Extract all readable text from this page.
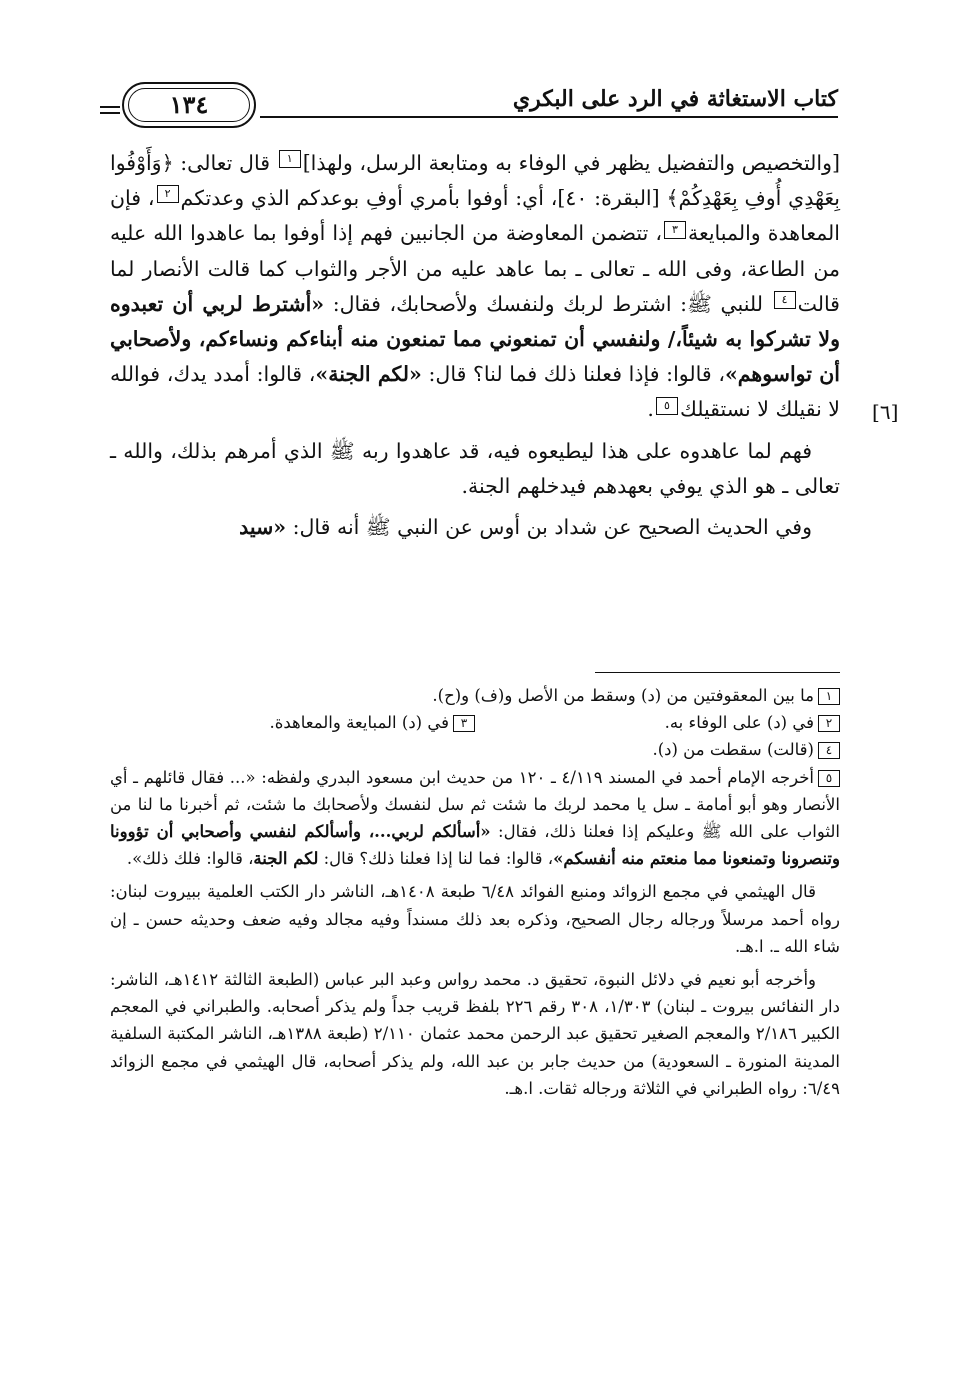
كتاب الاستغاثة في الرد على البكري
١٣٤
[٦]

[والتخصيص والتفضيل يظهر في الوفاء به ومتابعة الرسل، ولهذا]١ قال تعالى: ﴿وَأَوْفُوا بِعَهْدِي أُوفِ بِعَهْدِكُمْ﴾ [البقرة: ٤٠]، أي: أوفوا بأمري أوفِ بوعدكم الذي وعدتكم٢، فإن المعاهدة والمبايعة٣، تتضمن المعاوضة من الجانبين فهم إذا أوفوا بما عاهدوا الله عليه من الطاعة، وفى الله ـ تعالى ـ بما عاهد عليه من الأجر والثواب كما قالت الأنصار لما قالت٤ للنبي ﷺ: اشترط لربك ولنفسك ولأصحابك، فقال: «أشترط لربي أن تعبدوه ولا تشركوا به شيئاً،/ ولنفسي أن تمنعوني مما تمنعون منه أبناءكم ونساءكم، ولأصحابي أن تواسوهم»، قالوا: فإذا فعلنا ذلك فما لنا؟ قال: «لكم الجنة»، قالوا: أمدد يدك، فوالله لا نقيلك لا نستقيلك٥.

فهم لما عاهدوه على هذا ليطيعوه فيه، قد عاهدوا ربه ﷺ الذي أمرهم بذلك، والله ـ تعالى ـ هو الذي يوفي بعهدهم فيدخلهم الجنة.

وفي الحديث الصحيح عن شداد بن أوس عن النبي ﷺ أنه قال: «سيد

١ما بين المعقوفتين من (د) وسقط من الأصل و(ف) و(ح).

٢في (د) على الوفاء به.

٣في (د) المبايعة والمعاهدة.

٤(قالت) سقطت من (د).

٥أخرجه الإمام أحمد في المسند ٤/١١٩ ـ ١٢٠ من حديث ابن مسعود البدري ولفظه: «... فقال قائلهم ـ أي الأنصار وهو أبو أمامة ـ سل يا محمد لربك ما شئت ثم سل لنفسك ولأصحابك ما شئت، ثم أخبرنا ما لنا من الثواب على الله ﷺ وعليكم إذا فعلنا ذلك، فقال: «أسألكم لربي...، وأسألكم لنفسي وأصحابي أن تؤوونا وتنصرونا وتمنعونا مما منعتم منه أنفسكم»، قالوا: فما لنا إذا فعلنا ذلك؟ قال: لكم الجنة، قالوا: فلك ذلك».

قال الهيثمي في مجمع الزوائد ومنبع الفوائد ٦/٤٨ طبعة ١٤٠٨هـ، الناشر دار الكتب العلمية ببيروت لبنان: رواه أحمد مرسلاً ورجاله رجال الصحيح، وذكره بعد ذلك مسنداً وفيه مجالد وفيه ضعف وحديثه حسن ـ إن شاء الله ـ. ا.هـ.

وأخرجه أبو نعيم في دلائل النبوة، تحقيق د. محمد رواس وعبد البر عباس (الطبعة الثالثة ١٤١٢هـ، الناشر: دار النفائس بيروت ـ لبنان) ١/٣٠٣، ٣٠٨ رقم ٢٢٦ بلفظ قريب جداً ولم يذكر أصحابه. والطبراني في المعجم الكبير ٢/١٨٦ والمعجم الصغير تحقيق عبد الرحمن محمد عثمان ٢/١١٠ (طبعة ١٣٨٨هـ، الناشر المكتبة السلفية المدينة المنورة ـ السعودية) من حديث جابر بن عبد الله، ولم يذكر أصحابه، قال الهيثمي في مجمع الزوائد ٦/٤٩: رواه الطبراني في الثلاثة ورجاله ثقات. ا.هـ.
